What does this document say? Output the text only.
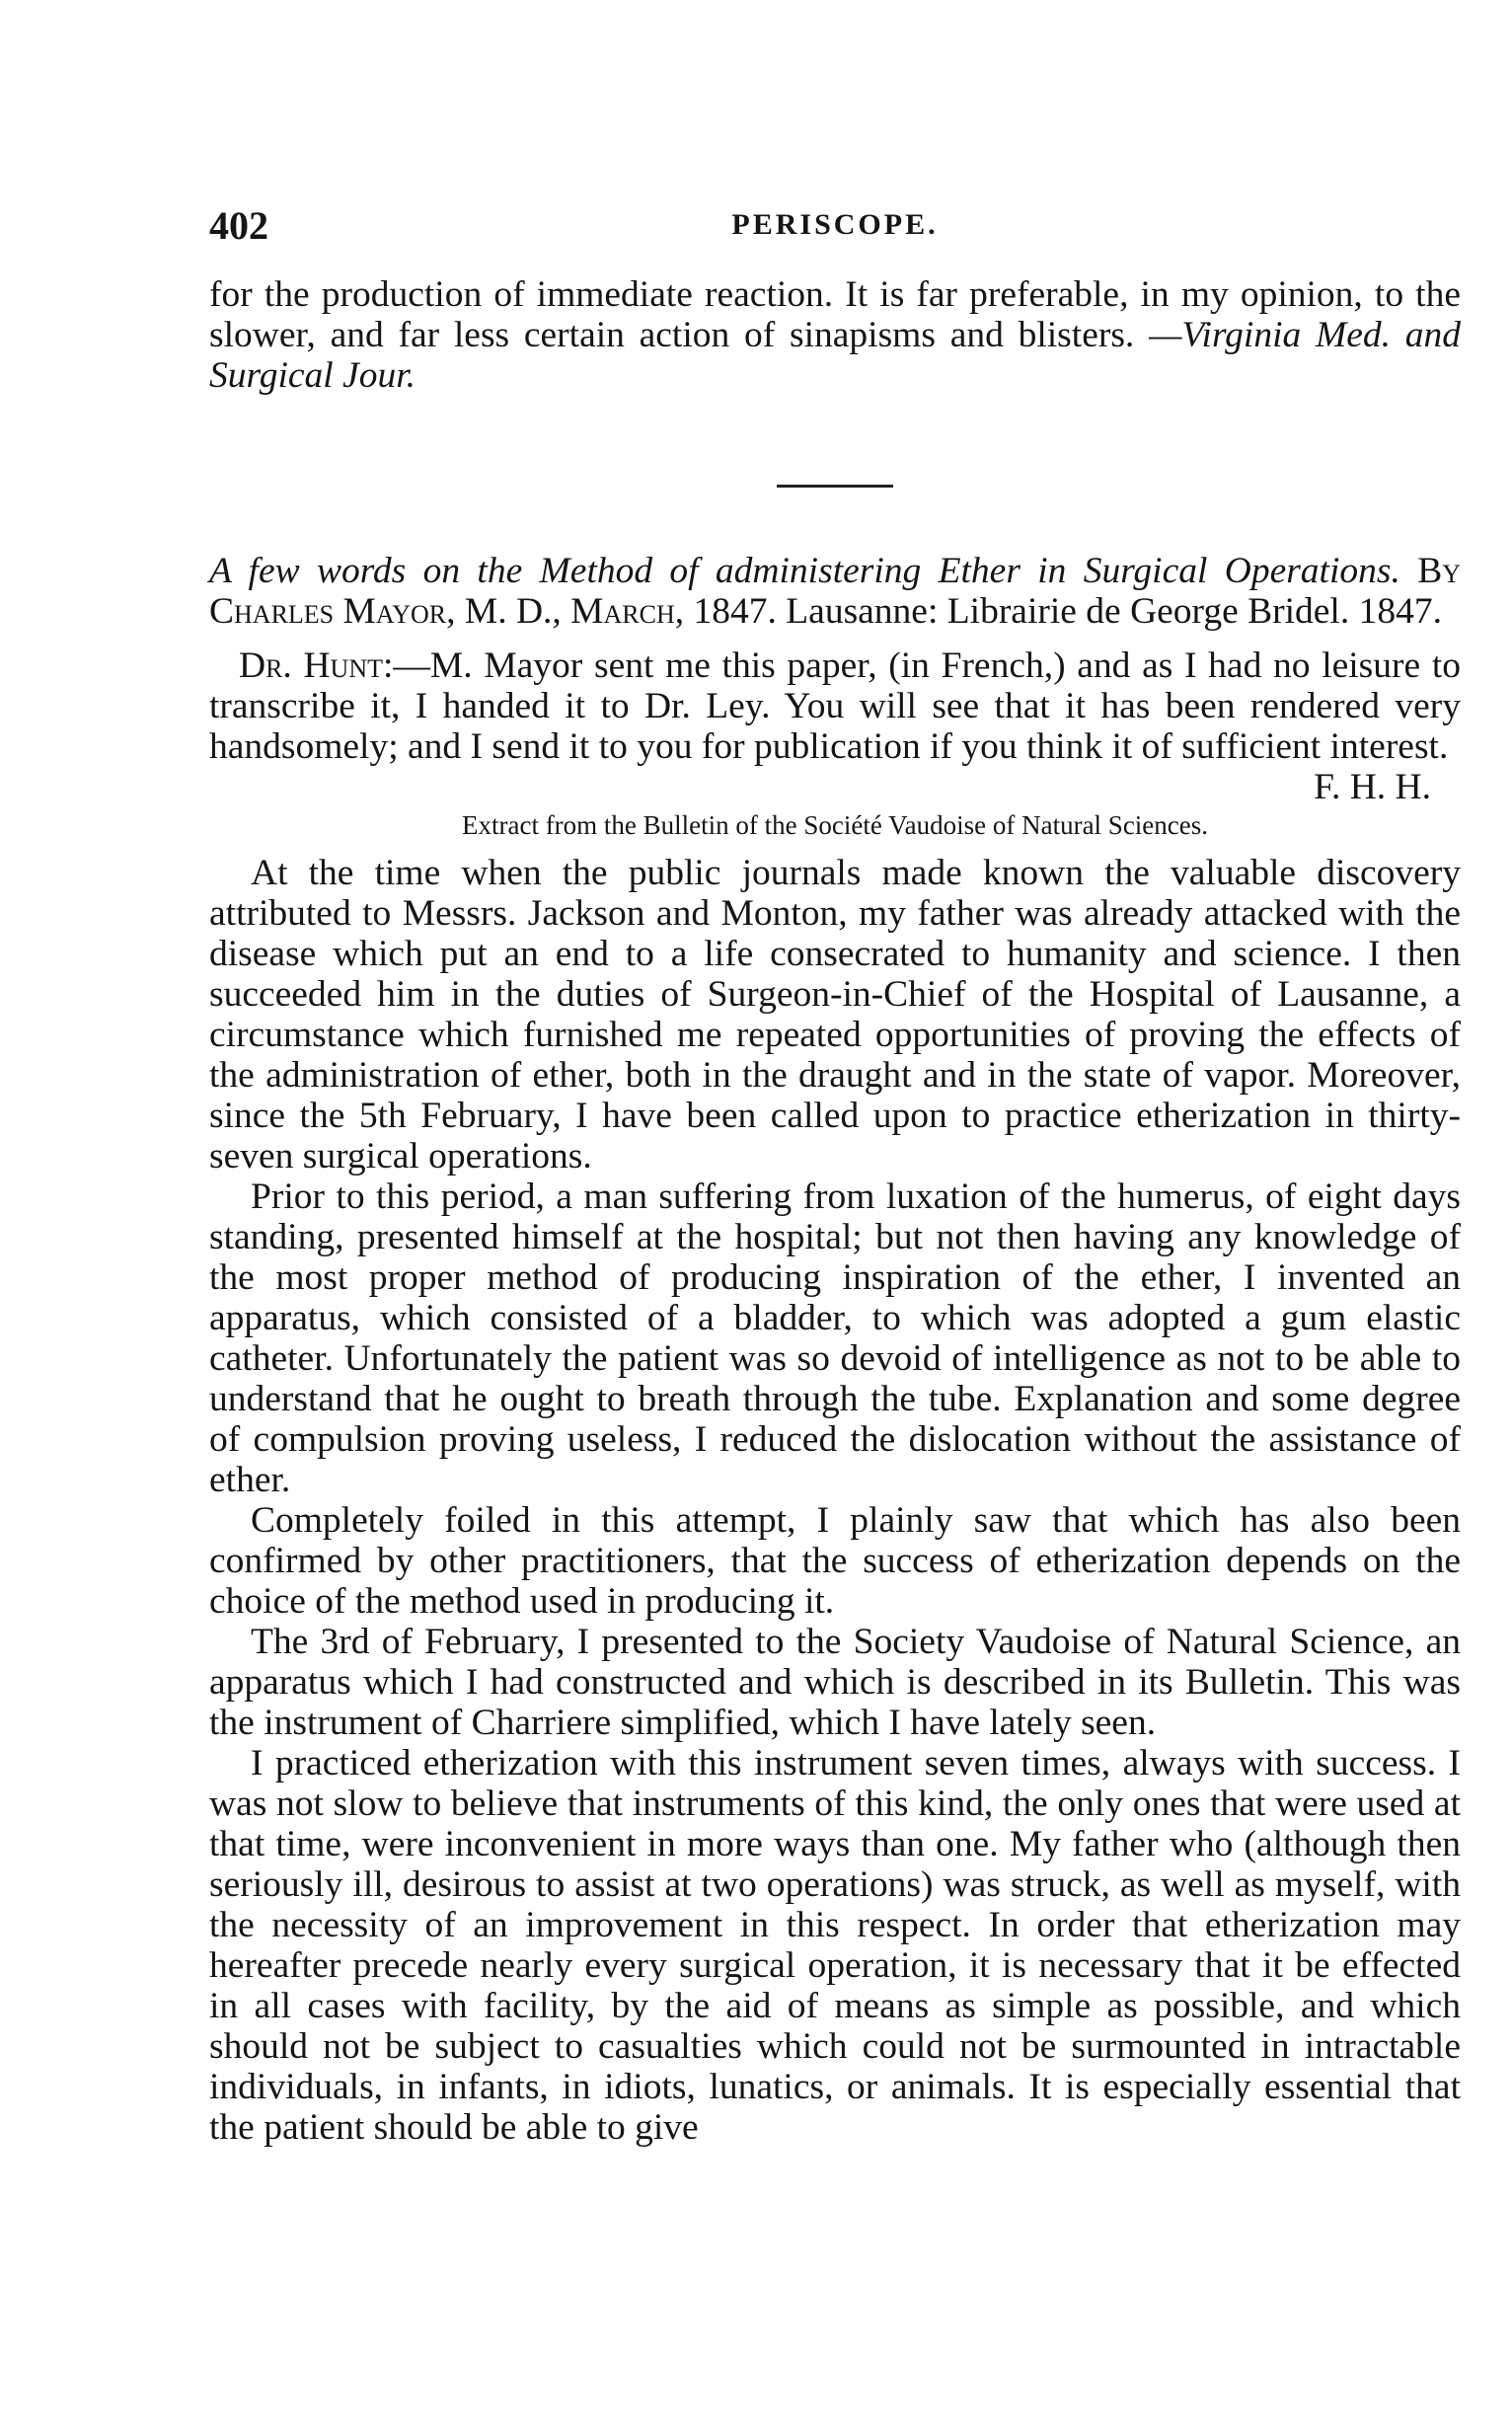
402	PERISCOPE.

for the production of immediate reaction. It is far preferable, in my opinion, to the slower, and far less certain action of sinapisms and blisters. —Virginia Med. and Surgical Jour.

A few words on the Method of administering Ether in Surgical Operations. By Charles Mayor, M. D., March, 1847. Lausanne: Librairie de George Bridel. 1847.

Dr. Hunt:—M. Mayor sent me this paper, (in French,) and as I had no leisure to transcribe it, I handed it to Dr. Ley. You will see that it has been rendered very handsomely; and I send it to you for publication if you think it of sufficient interest.
F. H. H.

Extract from the Bulletin of the Société Vaudoise of Natural Sciences.

At the time when the public journals made known the valuable discovery attributed to Messrs. Jackson and Monton, my father was already attacked with the disease which put an end to a life consecrated to humanity and science. I then succeeded him in the duties of Surgeon-in-Chief of the Hospital of Lausanne, a circumstance which furnished me repeated opportunities of proving the effects of the administration of ether, both in the draught and in the state of vapor. Moreover, since the 5th February, I have been called upon to practice etherization in thirty-seven surgical operations.

Prior to this period, a man suffering from luxation of the humerus, of eight days standing, presented himself at the hospital; but not then having any knowledge of the most proper method of producing inspiration of the ether, I invented an apparatus, which consisted of a bladder, to which was adopted a gum elastic catheter. Unfortunately the patient was so devoid of intelligence as not to be able to understand that he ought to breath through the tube. Explanation and some degree of compulsion proving useless, I reduced the dislocation without the assistance of ether.

Completely foiled in this attempt, I plainly saw that which has also been confirmed by other practitioners, that the success of etherization depends on the choice of the method used in producing it.

The 3rd of February, I presented to the Society Vaudoise of Natural Science, an apparatus which I had constructed and which is described in its Bulletin. This was the instrument of Charriere simplified, which I have lately seen.

I practiced etherization with this instrument seven times, always with success. I was not slow to believe that instruments of this kind, the only ones that were used at that time, were inconvenient in more ways than one. My father who (although then seriously ill, desirous to assist at two operations) was struck, as well as myself, with the necessity of an improvement in this respect. In order that etherization may hereafter precede nearly every surgical operation, it is necessary that it be effected in all cases with facility, by the aid of means as simple as possible, and which should not be subject to casualties which could not be surmounted in intractable individuals, in infants, in idiots, lunatics, or animals. It is especially essential that the patient should be able to give
